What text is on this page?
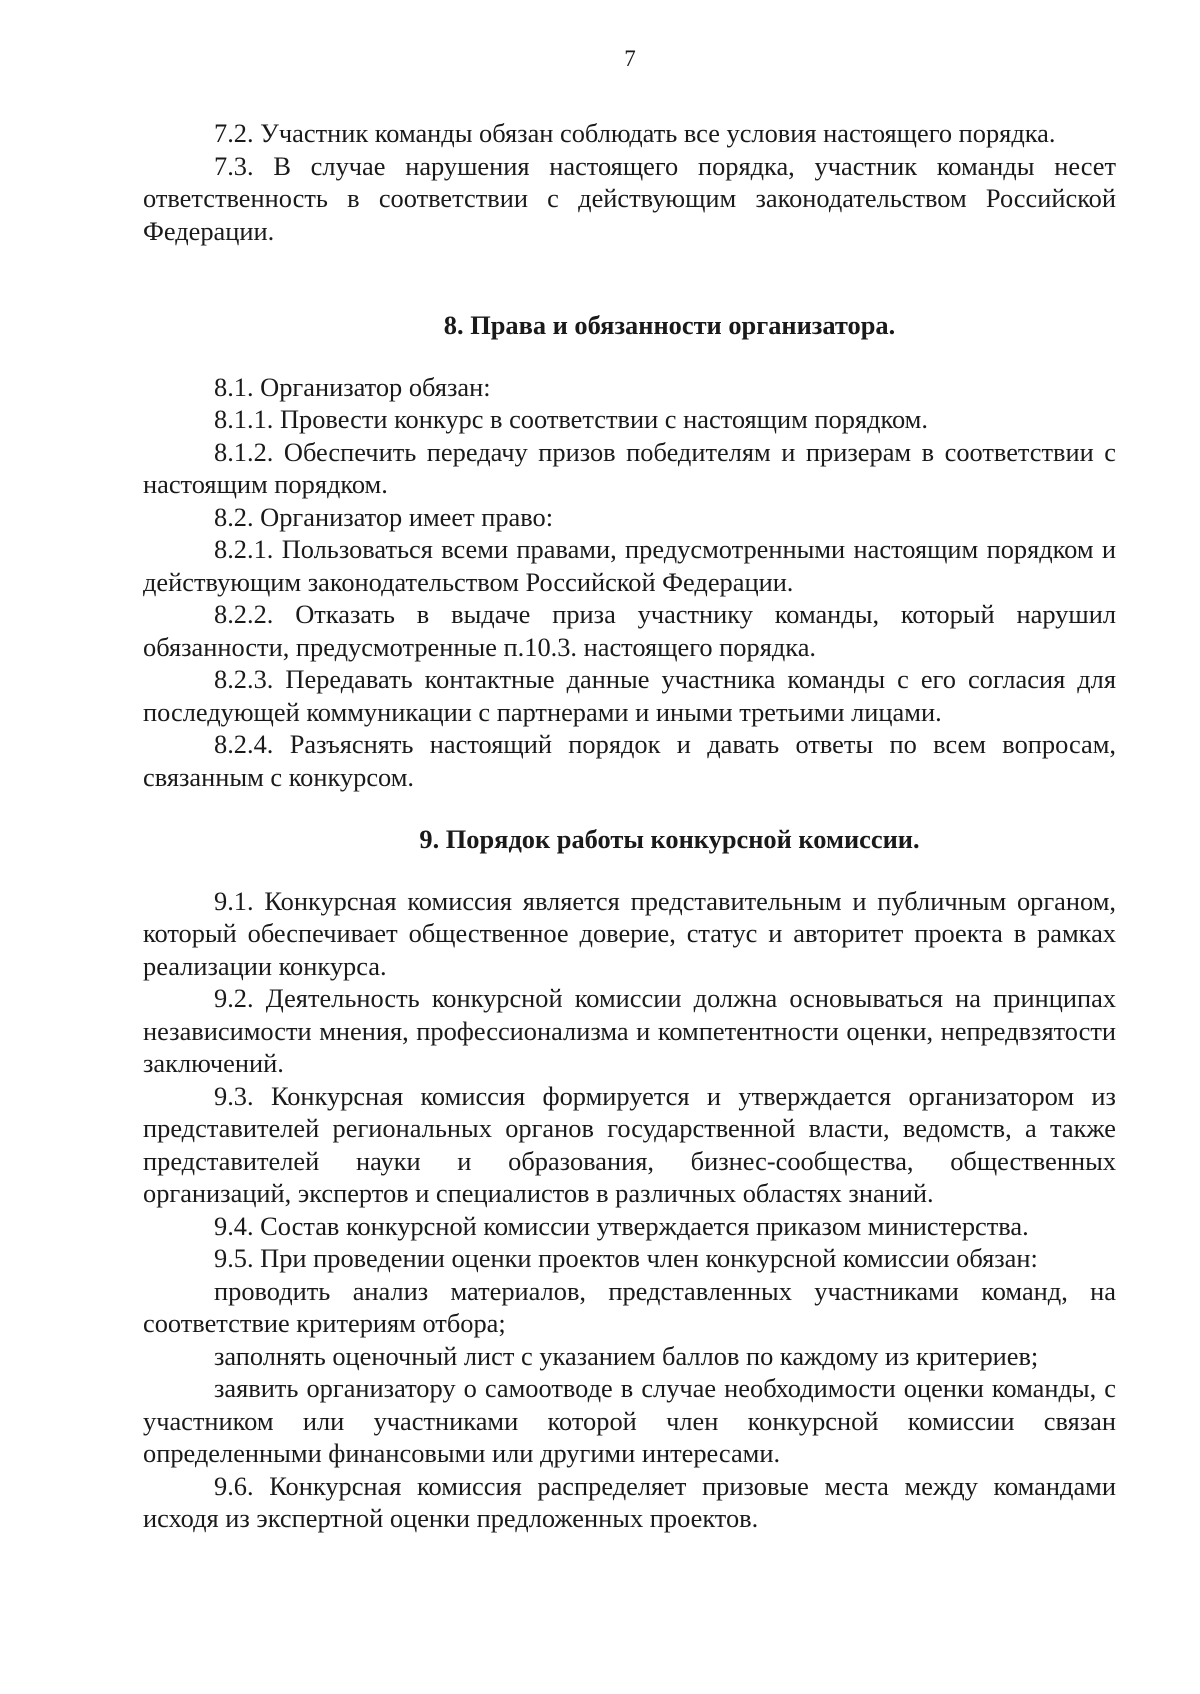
7

7.2. Участник команды обязан соблюдать все условия настоящего порядка.

7.3. В случае нарушения настоящего порядка, участник команды несет ответственность в соответствии с действующим законодательством Российской Федерации.

8. Права и обязанности организатора.

8.1. Организатор обязан:

8.1.1. Провести конкурс в соответствии с настоящим порядком.

8.1.2. Обеспечить передачу призов победителям и призерам в соответствии с настоящим порядком.

8.2. Организатор имеет право:

8.2.1. Пользоваться всеми правами, предусмотренными настоящим порядком и действующим законодательством Российской Федерации.

8.2.2. Отказать в выдаче приза участнику команды, который нарушил обязанности, предусмотренные п.10.3. настоящего порядка.

8.2.3. Передавать контактные данные участника команды с его согласия для последующей коммуникации с партнерами и иными третьими лицами.

8.2.4. Разъяснять настоящий порядок и давать ответы по всем вопросам, связанным с конкурсом.

9. Порядок работы конкурсной комиссии.

9.1. Конкурсная комиссия является представительным и публичным органом, который обеспечивает общественное доверие, статус и авторитет проекта в рамках реализации конкурса.

9.2. Деятельность конкурсной комиссии должна основываться на принципах независимости мнения, профессионализма и компетентности оценки, непредвзятости заключений.

9.3. Конкурсная комиссия формируется и утверждается организатором из представителей региональных органов государственной власти, ведомств, а также представителей науки и образования, бизнес-сообщества, общественных организаций, экспертов и специалистов в различных областях знаний.

9.4. Состав конкурсной комиссии утверждается приказом министерства.

9.5. При проведении оценки проектов член конкурсной комиссии обязан:

проводить анализ материалов, представленных участниками команд, на соответствие критериям отбора;

заполнять оценочный лист с указанием баллов по каждому из критериев;

заявить организатору о самоотводе в случае необходимости оценки команды, с участником или участниками которой член конкурсной комиссии связан определенными финансовыми или другими интересами.

9.6. Конкурсная комиссия распределяет призовые места между командами исходя из экспертной оценки предложенных проектов.
